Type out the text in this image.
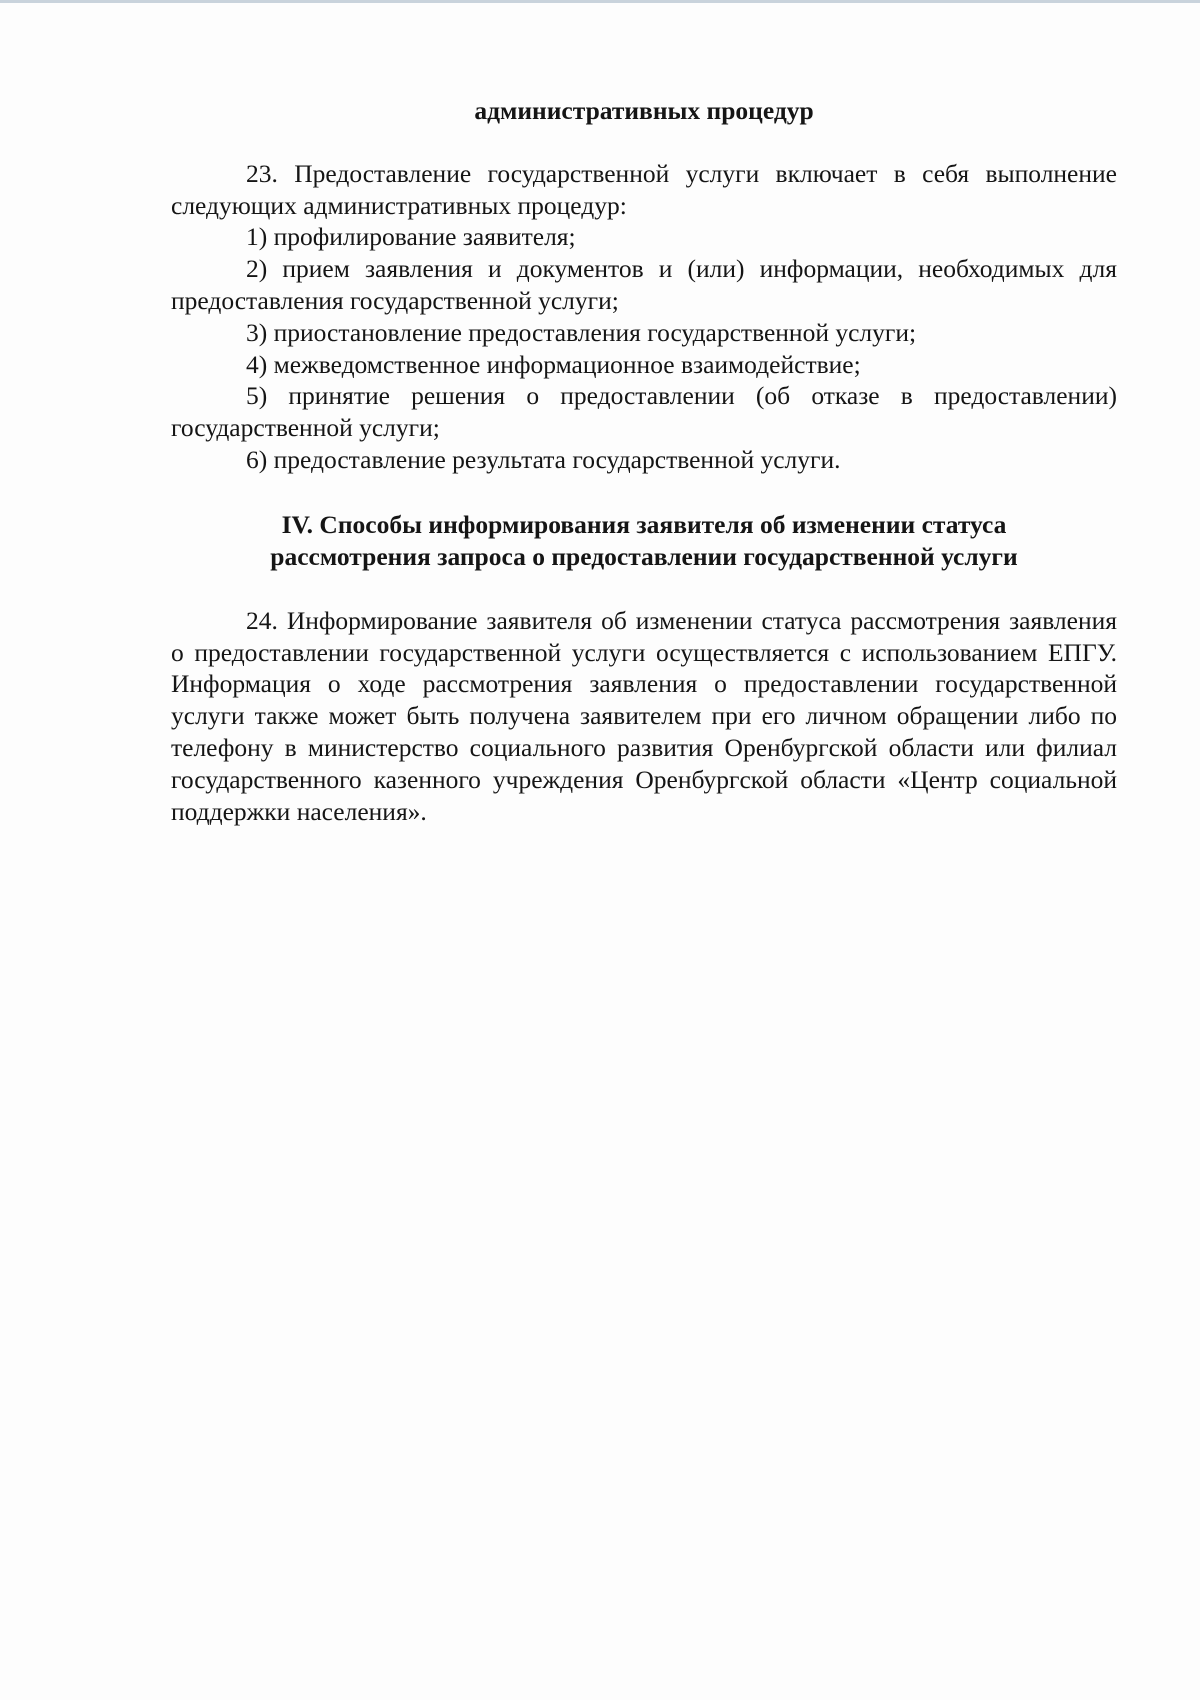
административных процедур

23. Предоставление государственной услуги включает в себя выполнение следующих административных процедур:

1) профилирование заявителя;

2) прием заявления и документов и (или) информации, необходимых для предоставления государственной услуги;

3) приостановление предоставления государственной услуги;

4) межведомственное информационное взаимодействие;

5) принятие решения о предоставлении (об отказе в предоставлении) государственной услуги;

6) предоставление результата государственной услуги.

IV. Способы информирования заявителя об изменении статуса
рассмотрения запроса о предоставлении государственной услуги

24. Информирование заявителя об изменении статуса рассмотрения заявления о предоставлении государственной услуги осуществляется с использованием ЕПГУ. Информация о ходе рассмотрения заявления о предоставлении государственной услуги также может быть получена заявителем при его личном обращении либо по телефону в министерство социального развития Оренбургской области или филиал государственного казенного учреждения Оренбургской области «Центр социальной поддержки населения».
